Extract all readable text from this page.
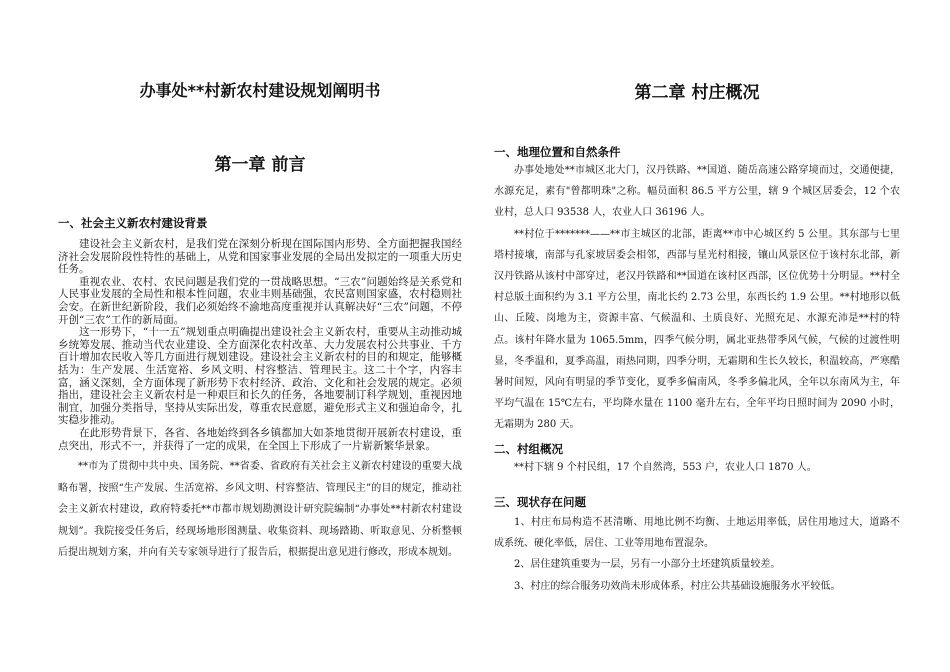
办事处**村新农村建设规划阐明书
第一章 前言
一、社会主义新农村建设背景

建设社会主义新农村，是我们党在深刻分析现在国际国内形势、全方面把握我国经济社会发展阶段性特性的基础上，从党和国家事业发展的全局出发拟定的一项重大历史任务。

重视农业、农村、农民问题是我们党的一贯战略思想。“三农”问题始终是关系党和人民事业发展的全局性和根本性问题，农业丰则基础强，农民富则国家盛，农村稳则社会安。在新世纪新阶段，我们必须始终不渝地高度重视并认真解决好“三农”问题，不停开创“三农”工作的新局面。

这一形势下，“十一五”规划重点明确提出建设社会主义新农村，重要从主动推动城乡统筹发展、推动当代农业建设、全方面深化农村改革、大力发展农村公共事业、千方百计增加农民收入等几方面进行规划建设。建设社会主义新农村的目的和规定，能够概括为：生产发展、生活宽裕、乡风文明、村容整洁、管理民主。这二十个字，内容丰富，涵义深刻，全方面体现了新形势下农村经济、政治、文化和社会发展的规定。必须指出，建设社会主义新农村是一种艰巨和长久的任务，各地要制订科学规划，重视因地制宜，加强分类指导，坚持从实际出发，尊重农民意愿，避免形式主义和强迫命令，扎实稳步推动。

在此形势背景下，各省、各地始终到各乡镇都加大如茶地贯彻开展新农村建设，重点突出，形式不一，并获得了一定的成果，在全国上下形成了一片崭新繁华景象。

**市为了贯彻中共中央、国务院、**省委、省政府有关社会主义新农村建设的重要大战略布署，按照“生产发展、生活宽裕、乡风文明、村容整洁、管理民主”的目的规定，推动社会主义新农村建设，政府特委托**市都市规划勘测设计研究院编制“办事处**村新农村建设规划”。我院接受任务后，经现场地形图测量、收集资料、现场踏勘、听取意见、分析整顿后提出规划方案，并向有关专家领导进行了报告后，根据提出意见进行修改，形成本规划。

第二章 村庄概况
一、地理位置和自然条件

办事处地处**市城区北大门，汉丹铁路、**国道、随岳高速公路穿境而过，交通便捷，水源充足，素有"曾都明珠"之称。幅员面积 86.5 平方公里，辖 9 个城区居委会，12 个农业村，总人口 93538 人，农业人口 36196 人。

**村位于*******——**市主城区的北部，距离**市中心城区约 5 公里。其东部与七里塔村接壤，南部与孔家坡居委会相邻，西部与星光村相接，镶山风景区位于该村东北部，新汉丹铁路从该村中部穿过，老汉丹铁路和**国道在该村区西部，区位优势十分明显。**村全村总版土面积约为 3.1 平方公里，南北长约 2.73 公里，东西长约 1.9 公里。**村地形以低山、丘陵、岗地为主，资源丰富、气候温和、土质良好、光照充足、水源充沛是**村的特点。该村年降水量为 1065.5mm，四季气候分明，属北亚热带季风气候，气候的过渡性明显，冬季温和，夏季高温，雨热同期，四季分明，无霜期和生长久较长，积温较高，严寒酷暑时间短，风向有明显的季节变化，夏季多偏南风，冬季多偏北风，全年以东南风为主，年平均气温在 15℃左右，平均降水量在 1100 毫升左右，全年平均日照时间为 2090 小时，无霜期为 280 天。

二、村组概况

**村下辖 9 个村民组，17 个自然湾，553 户，农业人口 1870 人。

三、现状存在问题

1、村庄布局构造不甚清晰、用地比例不均衡、土地运用率低，居住用地过大，道路不成系统、硬化率低，居住、工业等用地布置混杂。

2、居住建筑重要为一层，另有一小部分土坯建筑质量较差。

3、村庄的综合服务功效尚未形成体系，村庄公共基础设施服务水平较低。
